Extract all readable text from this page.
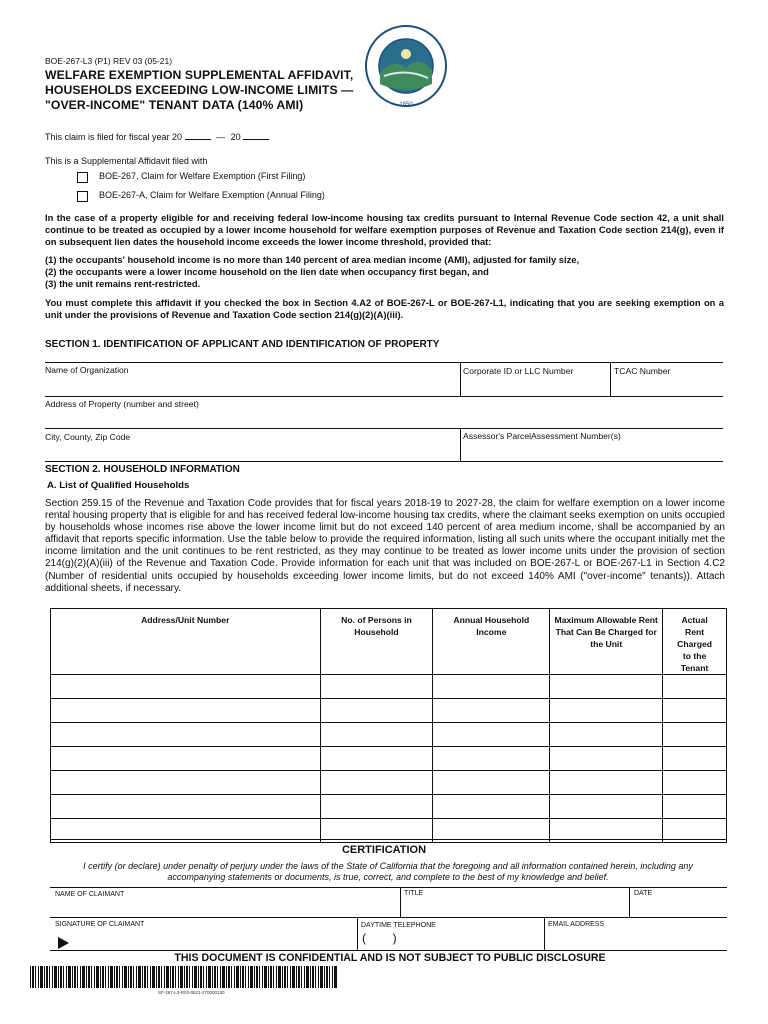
1850
BOE-267-L3 (P1) REV 03 (05-21)
WELFARE EXEMPTION SUPPLEMENTAL AFFIDAVIT,
HOUSEHOLDS EXCEEDING LOW-INCOME LIMITS —
"OVER-INCOME" TENANT DATA (140% AMI)
This claim is filed for fiscal year 20	— 20
This is a Supplemental Affidavit filed with
BOE-267, Claim for Welfare Exemption (First Filing)
BOE-267-A, Claim for Welfare Exemption (Annual Filing)
In the case of a property eligible for and receiving federal low-income housing tax credits pursuant to Internal Revenue Code section 42, a unit shall continue to be treated as occupied by a lower income household for welfare exemption purposes of Revenue and Taxation Code section 214(g), even if on subsequent lien dates the household income exceeds the lower income threshold, provided that:
(1) the occupants' household income is no more than 140 percent of area median income (AMI), adjusted for family size,
(2) the occupants were a lower income household on the lien date when occupancy first began, and
(3) the unit remains rent-restricted.
You must complete this affidavit if you checked the box in Section 4.A2 of BOE-267-L or BOE-267-L1, indicating that you are seeking exemption on a unit under the provisions of Revenue and Taxation Code section 214(g)(2)(A)(iii).
SECTION 1. IDENTIFICATION OF APPLICANT AND IDENTIFICATION OF PROPERTY
Name of Organization	Corporate ID or LLC Number	TCAC Number
Address of Property (number and street)
City, County, Zip Code	Assessor's ParcelAssessment Number(s)
SECTION 2. HOUSEHOLD INFORMATION
A. List of Qualified Households
Section 259.15 of the Revenue and Taxation Code provides that for fiscal years 2018-19 to 2027-28, the claim for welfare exemption on a lower income rental housing property that is eligible for and has received federal low-income housing tax credits, where the claimant seeks exemption on units occupied by households whose incomes rise above the lower income limit but do not exceed 140 percent of area medium income, shall be accompanied by an affidavit that reports specific information. Use the table below to provide the required information, listing all such units where the occupant initially met the income limitation and the unit continues to be rent restricted, as they may continue to be treated as lower income units under the provision of section 214(g)(2)(A)(iii) of the Revenue and Taxation Code. Provide information for each unit that was included on BOE-267-L or BOE-267-L1 in Section 4.C2 (Number of residential units occupied by households exceeding lower income limits, but do not exceed 140% AMI ("over-income" tenants)). Attach additional sheets, if necessary.
Address/Unit Number	No. of Persons in Household	Annual Household Income	Maximum Allowable Rent That Can Be Charged for the Unit	Actual Rent Charged to the Tenant

CERTIFICATION
I certify (or declare) under penalty of perjury under the laws of the State of California that the foregoing and all information contained herein, including any accompanying statements or documents, is true, correct, and complete to the best of my knowledge and belief.
NAME OF CLAIMANT	TITLE	DATE
SIGNATURE OF CLAIMANT	DAYTIME TELEPHONE	EMAIL ADDRESS
(        )
THIS DOCUMENT IS CONFIDENTIAL AND IS NOT SUBJECT TO PUBLIC DISCLOSURE
SF-267-L3-R03-0521-270000130
